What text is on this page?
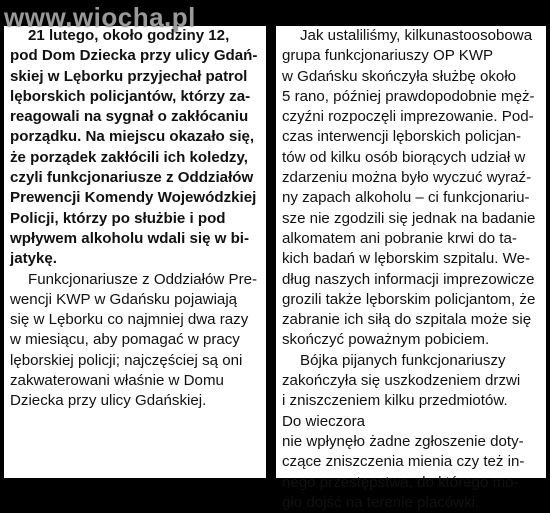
www.wiocha.pl
21 lutego, około godziny 12,
pod Dom Dziecka przy ulicy Gdań-
skiej w Lęborku przyjechał patrol
lęborskich policjantów, którzy za-
reagowali na sygnał o zakłócaniu
porządku. Na miejscu okazało się,
że porządek zakłócili ich koledzy,
czyli funkcjonariusze z Oddziałów
Prewencji Komendy Wojewódzkiej
Policji, którzy po służbie i pod
wpływem alkoholu wdali się w bi-
jatykę.
Funkcjonariusze z Oddziałów Pre-
wencji KWP w Gdańsku pojawiają
się w Lęborku co najmniej dwa razy
w miesiącu, aby pomagać w pracy
lęborskiej policji; najczęściej są oni
zakwaterowani właśnie w Domu
Dziecka przy ulicy Gdańskiej.
Jak ustaliliśmy, kilkunastoosobowa
grupa funkcjonariuszy OP KWP
w Gdańsku skończyła służbę około
5 rano, później prawdopodobnie męż-
czyźni rozpoczęli imprezowanie. Pod-
czas interwencji lęborskich policjan-
tów od kilku osób biorących udział w
zdarzeniu można było wyczuć wyraź-
ny zapach alkoholu – ci funkcjonariu-
sze nie zgodzili się jednak na badanie
alkomatem ani pobranie krwi do ta-
kich badań w lęborskim szpitalu. We-
dług naszych informacji imprezowicze
grozili także lęborskim policjantom, że
zabranie ich siłą do szpitala może się
skończyć poważnym pobiciem.
Bójka pijanych funkcjonariuszy
zakończyła się uszkodzeniem drzwi
i zniszczeniem kilku przedmiotów.
Do wieczora
nie wpłynęło żadne zgłoszenie doty-
czące zniszczenia mienia czy też in-
nego przestępstwa, do którego mo-
gło dojść na terenie placówki.
